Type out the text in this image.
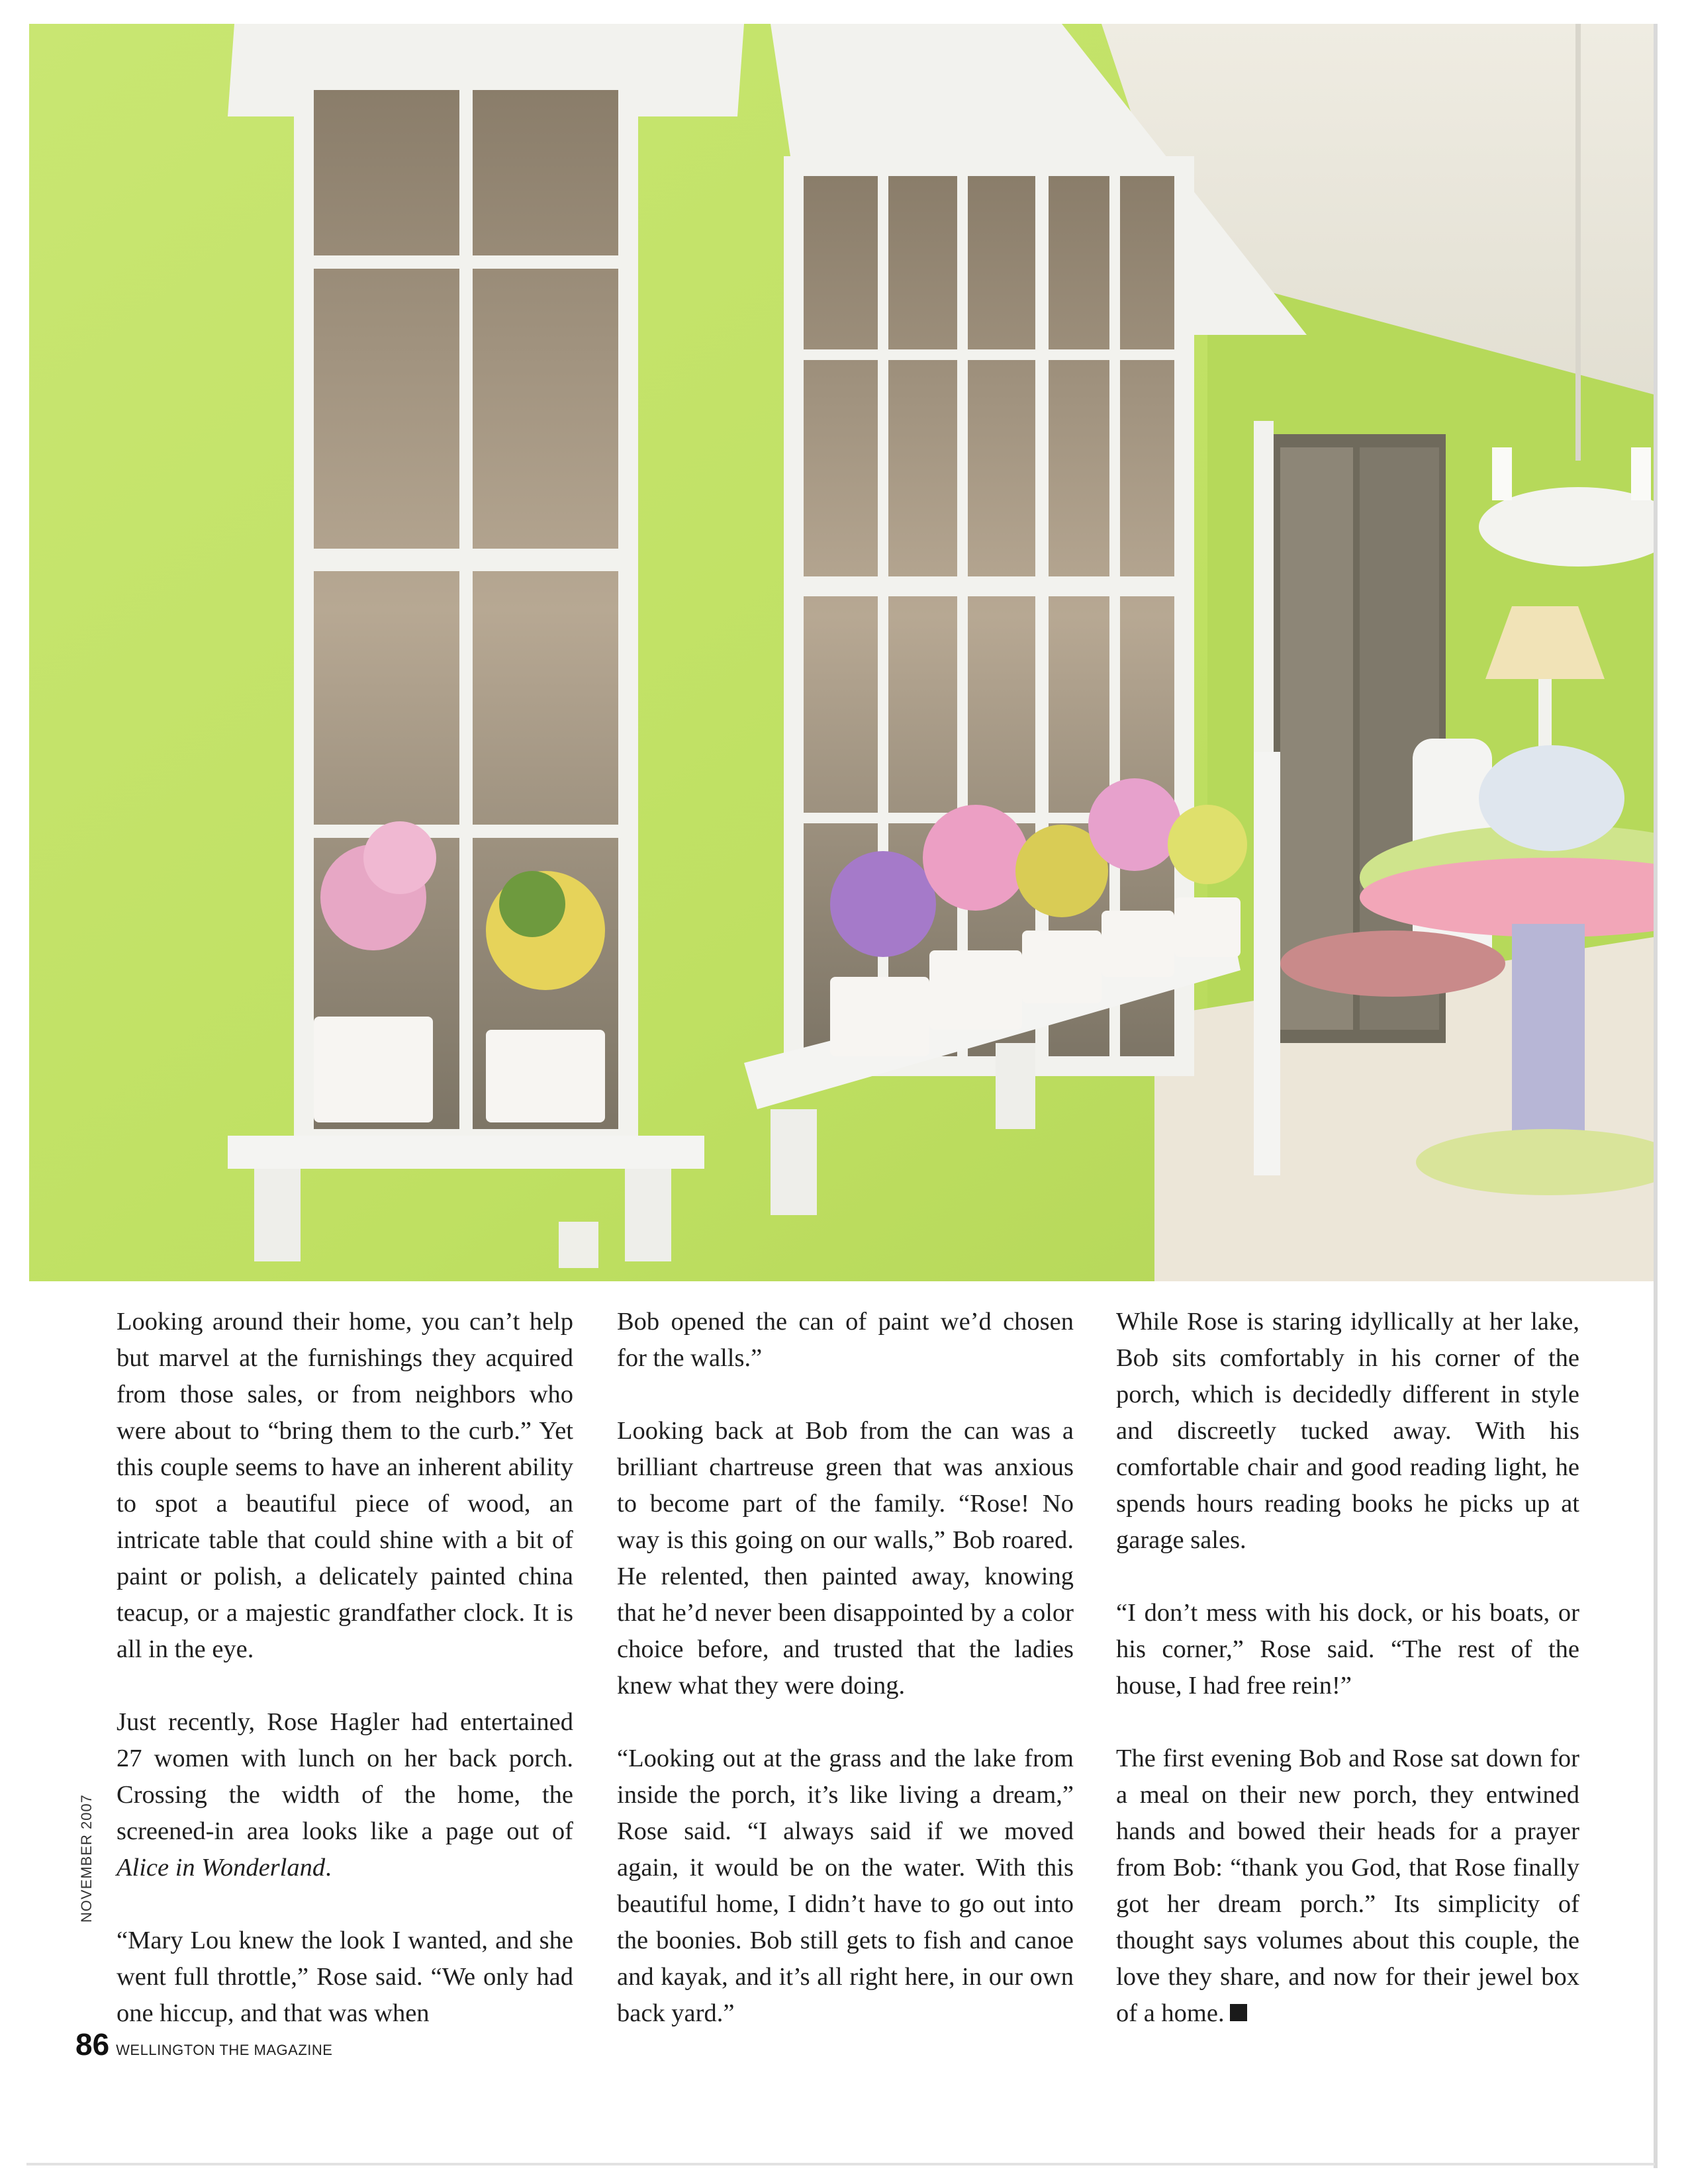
Looking around their home, you can’t help but marvel at the furnishings they acquired from those sales, or from neighbors who were about to “bring them to the curb.” Yet this couple seems to have an inherent ability to spot a beautiful piece of wood, an intricate table that could shine with a bit of paint or polish, a delicately painted china teacup, or a majestic grandfather clock. It is all in the eye.

Just recently, Rose Hagler had entertained 27 women with lunch on her back porch. Crossing the width of the home, the screened-in area looks like a page out of Alice in Wonderland.

“Mary Lou knew the look I wanted, and she went full throttle,” Rose said. “We only had one hiccup, and that was when

Bob opened the can of paint we’d chosen for the walls.”

Looking back at Bob from the can was a brilliant chartreuse green that was anxious to become part of the family. “Rose! No way is this going on our walls,” Bob roared. He relented, then painted away, knowing that he’d never been disappointed by a color choice before, and trusted that the ladies knew what they were doing.

“Looking out at the grass and the lake from inside the porch, it’s like living a dream,” Rose said. “I always said if we moved again, it would be on the water. With this beautiful home, I didn’t have to go out into the boonies. Bob still gets to fish and canoe and kayak, and it’s all right here, in our own back yard.”

While Rose is staring idyllically at her lake, Bob sits comfortably in his corner of the porch, which is decidedly different in style and discreetly tucked away. With his comfortable chair and good reading light, he spends hours reading books he picks up at garage sales.

“I don’t mess with his dock, or his boats, or his corner,” Rose said. “The rest of the house, I had free rein!”

The first evening Bob and Rose sat down for a meal on their new porch, they entwined hands and bowed their heads for a prayer from Bob: “thank you God, that Rose finally got her dream porch.” Its simplicity of thought says volumes about this couple, the love they share, and now for their jewel box of a home.

NOVEMBER 2007
86 WELLINGTON THE MAGAZINE
